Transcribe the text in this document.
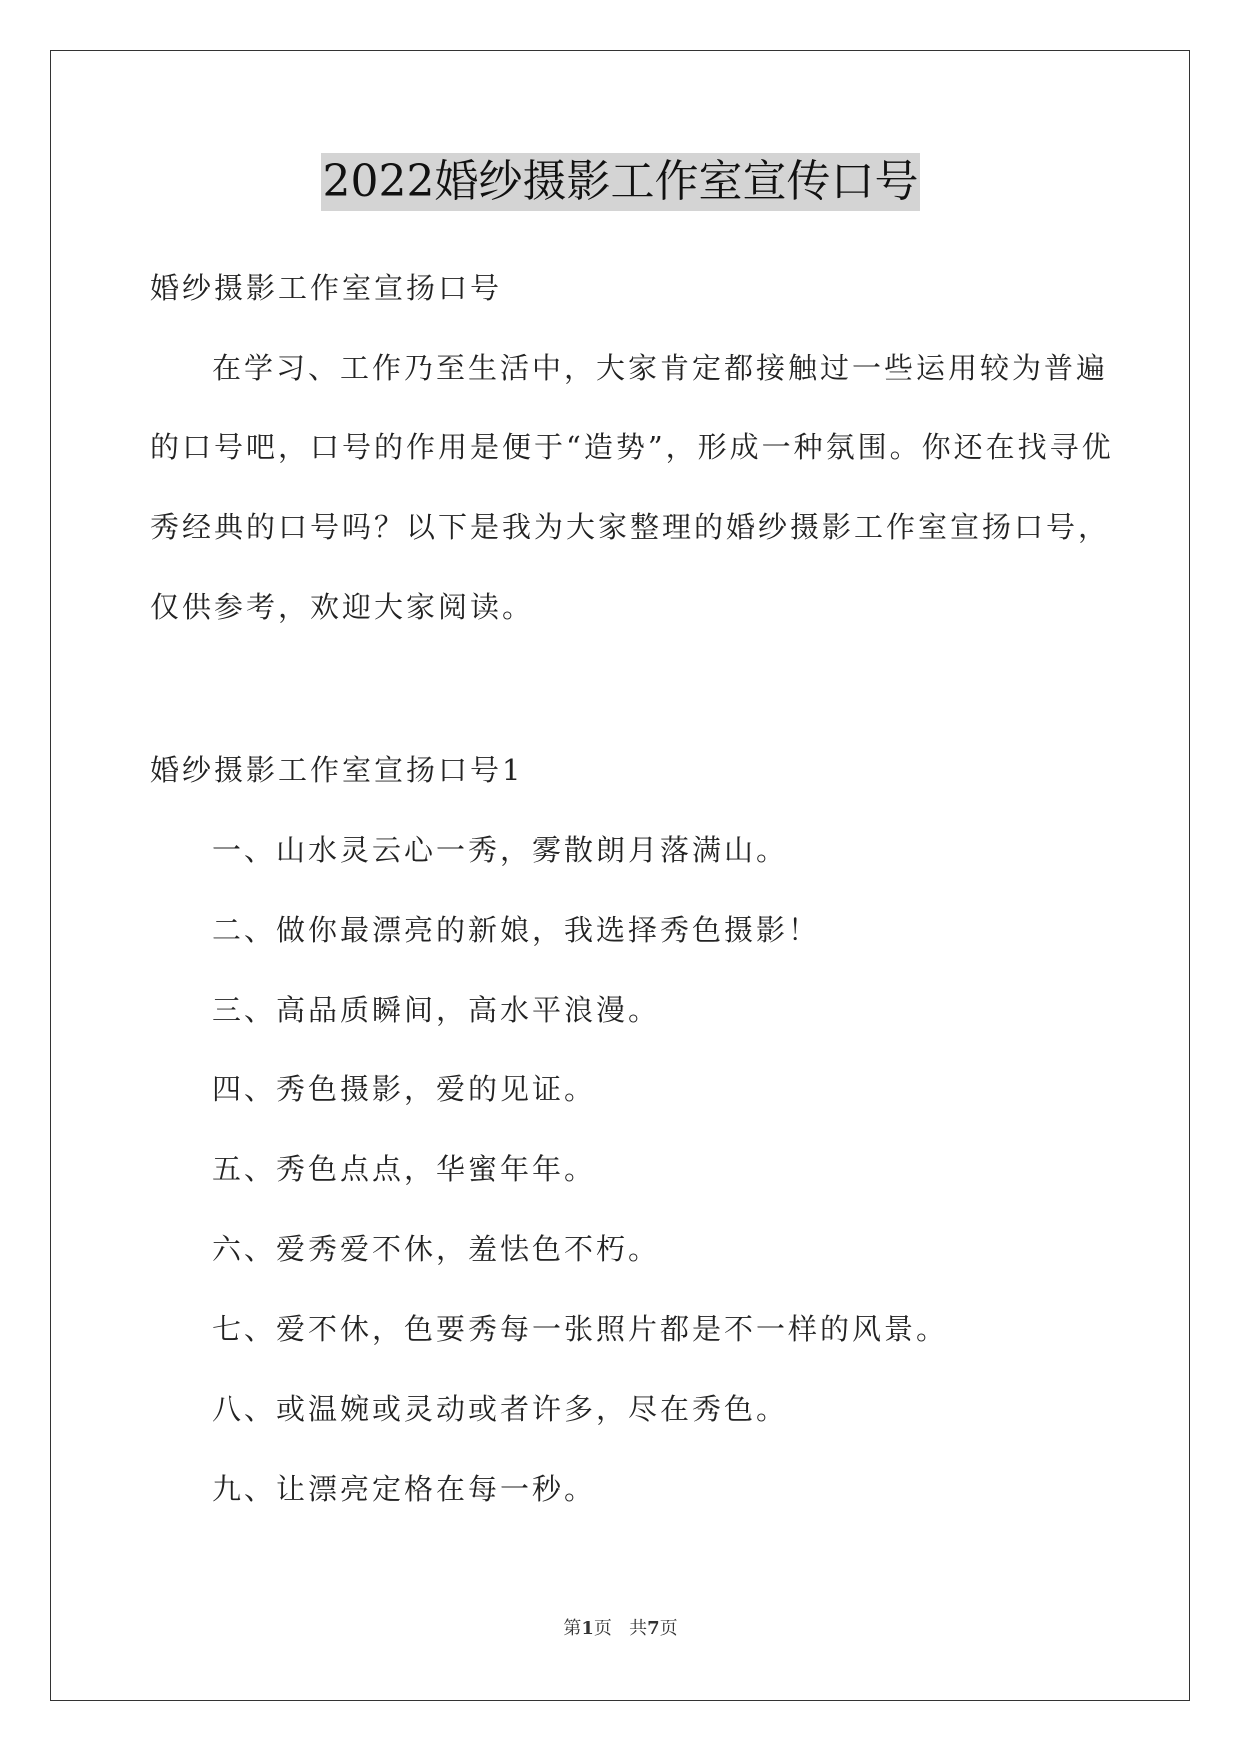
2022婚纱摄影工作室宣传口号
婚纱摄影工作室宣扬口号
在学习、工作乃至生活中，大家肯定都接触过一些运用较为普遍
的口号吧，口号的作用是便于“造势”，形成一种氛围。你还在找寻优
秀经典的口号吗？以下是我为大家整理的婚纱摄影工作室宣扬口号，
仅供参考，欢迎大家阅读。
婚纱摄影工作室宣扬口号1
一、山水灵云心一秀，雾散朗月落满山。
二、做你最漂亮的新娘，我选择秀色摄影！
三、高品质瞬间，高水平浪漫。
四、秀色摄影，爱的见证。
五、秀色点点，华蜜年年。
六、爱秀爱不休，羞怯色不朽。
七、爱不休，色要秀每一张照片都是不一样的风景。
八、或温婉或灵动或者许多，尽在秀色。
九、让漂亮定格在每一秒。
第1页 共7页
